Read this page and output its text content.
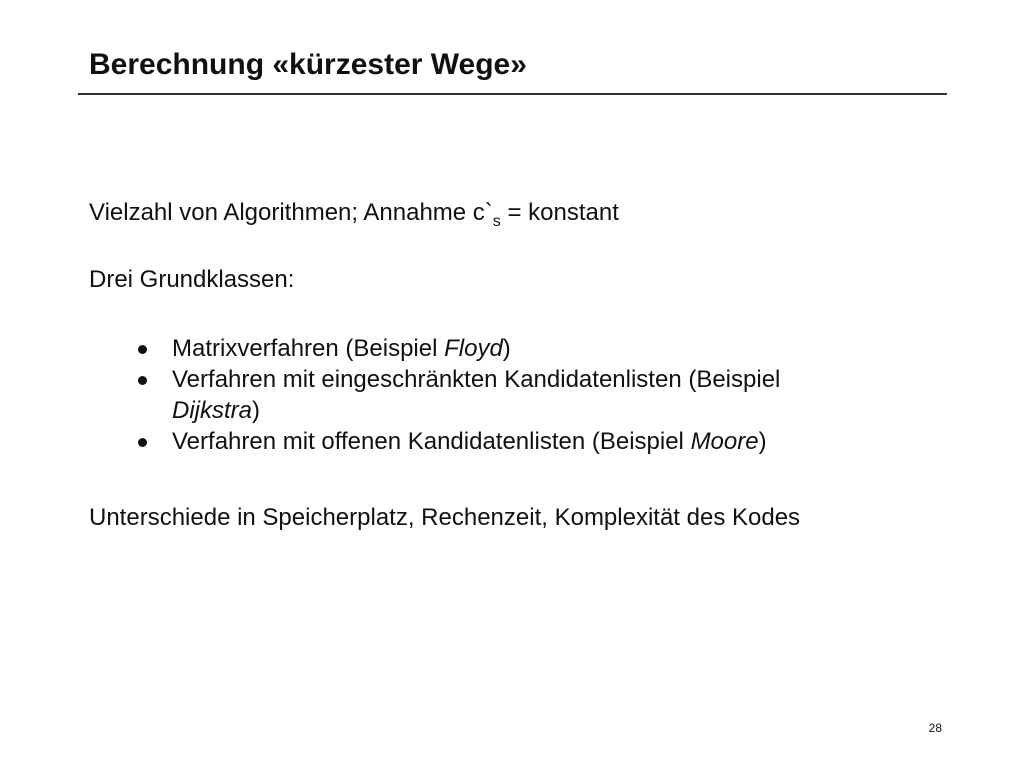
Berechnung «kürzester Wege»

Vielzahl von Algorithmen; Annahme $c`_s$ = konstant

Drei Grundklassen:

Matrixverfahren (Beispiel Floyd)
Verfahren mit eingeschränkten Kandidatenlisten (Beispiel
Dijkstra)
Verfahren mit offenen Kandidatenlisten (Beispiel Moore)

Unterschiede in Speicherplatz, Rechenzeit, Komplexität des Kodes

28
